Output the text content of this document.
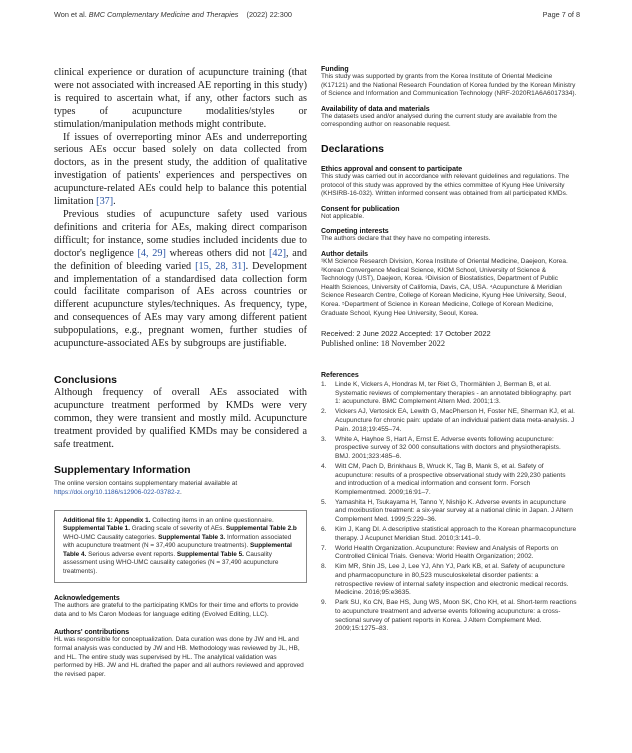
Won et al. BMC Complementary Medicine and Therapies (2022) 22:300	Page 7 of 8

clinical experience or duration of acupuncture training (that were not associated with increased AE reporting in this study) is required to ascertain what, if any, other factors such as types of acupuncture modalities/styles or stimulation/manipulation methods might contribute.

If issues of overreporting minor AEs and underreporting serious AEs occur based solely on data collected from doctors, as in the present study, the addition of qualitative investigation of patients' experiences and perspectives on acupuncture-related AEs could help to balance this potential limitation [37].

Previous studies of acupuncture safety used various definitions and criteria for AEs, making direct comparison difficult; for instance, some studies included incidents due to doctor's negligence [4, 29] whereas others did not [42], and the definition of bleeding varied [15, 28, 31]. Development and implementation of a standardised data collection form could facilitate comparison of AEs across countries or different acupuncture styles/techniques. As frequency, type, and consequences of AEs may vary among different patient subpopulations, e.g., pregnant women, further studies of acupuncture-associated AEs by subgroups are justifiable.

Conclusions

Although frequency of overall AEs associated with acupuncture treatment performed by KMDs were very common, they were transient and mostly mild. Acupuncture treatment provided by qualified KMDs may be considered a safe treatment.

Supplementary Information
The online version contains supplementary material available at https://doi.org/10.1186/s12906-022-03782-z.
Additional file 1: Appendix 1. Collecting items in an online questionnaire. Supplemental Table 1. Grading scale of severity of AEs. Supplemental Table 2.b WHO-UMC Causality categories. Supplemental Table 3. Information associated with acupuncture treatment (N = 37,490 acupuncture treatments). Supplemental Table 4. Serious adverse event reports. Supplemental Table 5. Causality assessment using WHO-UMC causality categories (N = 37,490 acupuncture treatments).

Acknowledgements

The authors are grateful to the participating KMDs for their time and efforts to provide data and to Ms Caron Modeas for language editing (Evolved Editing, LLC).

Authors' contributions

HL was responsible for conceptualization. Data curation was done by JW and HL and formal analysis was conducted by JW and HB. Methodology was reviewed by JL, HB, and HL. The entire study was supervised by HL. The analytical validation was performed by HB. JW and HL drafted the paper and all authors reviewed and approved the revised paper.

Funding

This study was supported by grants from the Korea Institute of Oriental Medicine (K17121) and the National Research Foundation of Korea funded by the Korean Ministry of Science and Information and Communication Technology (NRF-2020R1A6A6017334).

Availability of data and materials

The datasets used and/or analysed during the current study are available from the corresponding author on reasonable request.
Declarations

Ethics approval and consent to participate

This study was carried out in accordance with relevant guidelines and regulations. The protocol of this study was approved by the ethics committee of Kyung Hee University (KHSIRB-16-032). Written informed consent was obtained from all participated KMDs.

Consent for publication

Not applicable.

Competing interests

The authors declare that they have no competing interests.

Author details

¹KM Science Research Division, Korea Institute of Oriental Medicine, Daejeon, Korea. ²Korean Convergence Medical Science, KIOM School, University of Science & Technology (UST), Daejeon, Korea. ³Division of Biostatistics, Department of Public Health Sciences, University of California, Davis, CA, USA. ⁴Acupuncture & Meridian Science Research Centre, College of Korean Medicine, Kyung Hee University, Seoul, Korea. ⁵Department of Science in Korean Medicine, College of Korean Medicine, Graduate School, Kyung Hee University, Seoul, Korea.
Received: 2 June 2022 Accepted: 17 October 2022
Published online: 18 November 2022

References

1.	Linde K, Vickers A, Hondras M, ter Riet G, Thormählen J, Berman B, et al. Systematic reviews of complementary therapies - an annotated bibliography. part 1: acupuncture. BMC Complement Altern Med. 2001;1:3.
2.	Vickers AJ, Vertosick EA, Lewith G, MacPherson H, Foster NE, Sherman KJ, et al. Acupuncture for chronic pain: update of an individual patient data meta-analysis. J Pain. 2018;19:455–74.
3.	White A, Hayhoe S, Hart A, Ernst E. Adverse events following acupuncture: prospective survey of 32 000 consultations with doctors and physiotherapists. BMJ. 2001;323:485–6.
4.	Witt CM, Pach D, Brinkhaus B, Wruck K, Tag B, Mank S, et al. Safety of acupuncture: results of a prospective observational study with 229,230 patients and introduction of a medical information and consent form. Forsch Komplementmed. 2009;16:91–7.
5.	Yamashita H, Tsukayama H, Tanno Y, Nishijo K. Adverse events in acupuncture and moxibustion treatment: a six-year survey at a national clinic in Japan. J Altern Complement Med. 1999;5:229–36.
6.	Kim J, Kang DI. A descriptive statistical approach to the Korean pharmacopuncture therapy. J Acupunct Meridian Stud. 2010;3:141–9.
7.	World Health Organization. Acupuncture: Review and Analysis of Reports on Controlled Clinical Trials. Geneva: World Health Organization; 2002.
8.	Kim MR, Shin JS, Lee J, Lee YJ, Ahn YJ, Park KB, et al. Safety of acupuncture and pharmacopuncture in 80,523 musculoskeletal disorder patients: a retrospective review of internal safety inspection and electronic medical records. Medicine. 2016;95:e3635.
9.	Park SU, Ko CN, Bae HS, Jung WS, Moon SK, Cho KH, et al. Short-term reactions to acupuncture treatment and adverse events following acupuncture: a cross-sectional survey of patient reports in Korea. J Altern Complement Med. 2009;15:1275–83.
